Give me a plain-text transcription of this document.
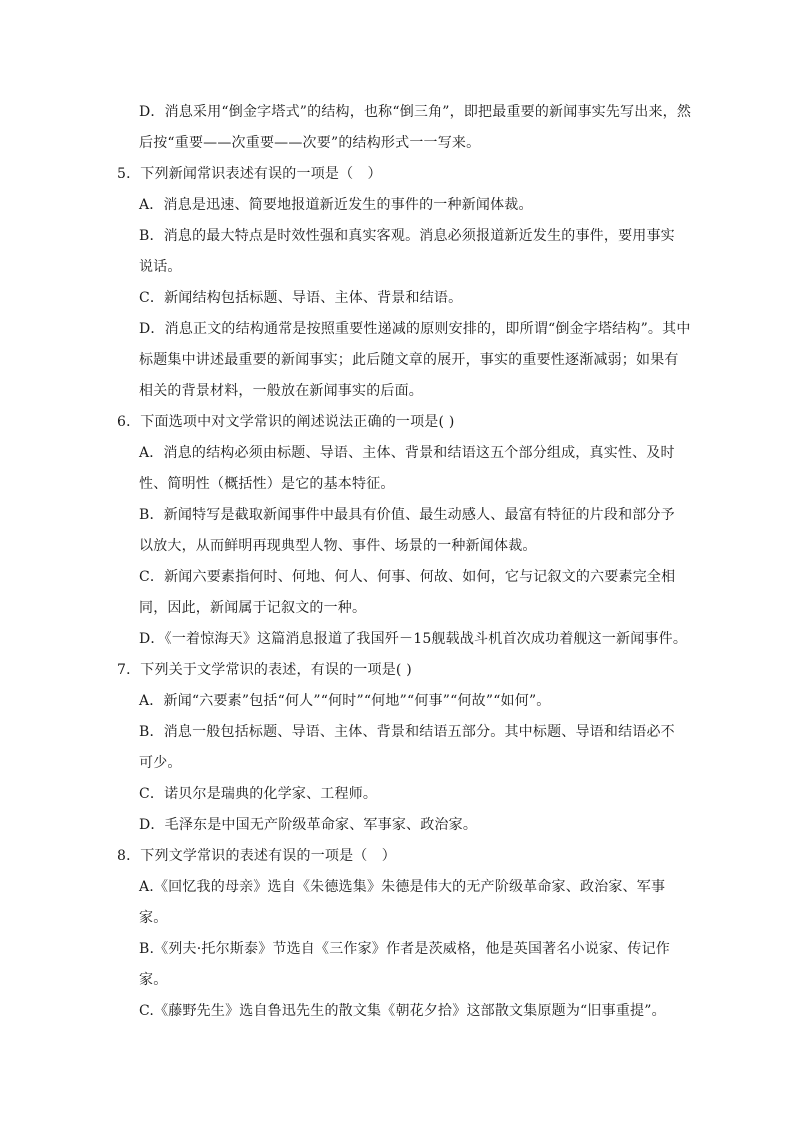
D．消息采用“倒金字塔式”的结构，也称“倒三角”，即把最重要的新闻事实先写出来，然
后按“重要——次重要——次要”的结构形式一一写来。
5．下列新闻常识表述有误的一项是（　）
A．消息是迅速、简要地报道新近发生的事件的一种新闻体裁。
B．消息的最大特点是时效性强和真实客观。消息必须报道新近发生的事件，要用事实
说话。
C．新闻结构包括标题、导语、主体、背景和结语。
D．消息正文的结构通常是按照重要性递减的原则安排的，即所谓“倒金字塔结构”。其中
标题集中讲述最重要的新闻事实；此后随文章的展开，事实的重要性逐渐减弱；如果有
相关的背景材料，一般放在新闻事实的后面。
6．下面选项中对文学常识的阐述说法正确的一项是( )
A．消息的结构必须由标题、导语、主体、背景和结语这五个部分组成，真实性、及时
性、简明性（概括性）是它的基本特征。
B．新闻特写是截取新闻事件中最具有价值、最生动感人、最富有特征的片段和部分予
以放大，从而鲜明再现典型人物、事件、场景的一种新闻体裁。
C．新闻六要素指何时、何地、何人、何事、何故、如何，它与记叙文的六要素完全相
同，因此，新闻属于记叙文的一种。
D．《一着惊海天》这篇消息报道了我国歼－15舰载战斗机首次成功着舰这一新闻事件。
7．下列关于文学常识的表述，有误的一项是( )
A．新闻“六要素”包括“何人”“何时”“何地”“何事”“何故”“如何”。
B．消息一般包括标题、导语、主体、背景和结语五部分。其中标题、导语和结语必不
可少。
C．诺贝尔是瑞典的化学家、工程师。
D．毛泽东是中国无产阶级革命家、军事家、政治家。
8．下列文学常识的表述有误的一项是（　）
A.《回忆我的母亲》选自《朱德选集》朱德是伟大的无产阶级革命家、政治家、军事
家。
B.《列夫·托尔斯泰》节选自《三作家》作者是茨威格，他是英国著名小说家、传记作
家。
C.《藤野先生》选自鲁迅先生的散文集《朝花夕拾》这部散文集原题为“旧事重提”。
